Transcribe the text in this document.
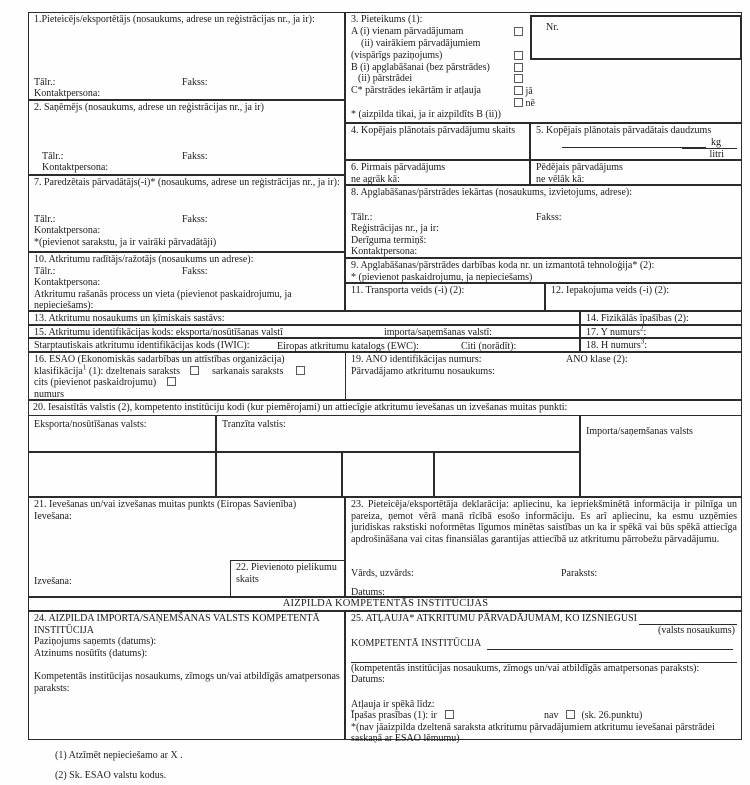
1.Pieteicējs/eksportētājs (nosaukums, adrese un reģistrācijas nr., ja ir):
Tālr.:	Fakss:
Kontaktpersona:
2. Saņēmējs (nosaukums, adrese un reģistrācijas nr., ja ir)
Tālr.:	Fakss:
Kontaktpersona:
7. Paredzētais pārvadātājs(-i)* (nosaukums, adrese un reģistrācijas nr., ja ir):
Tālr.:	Fakss:
Kontaktpersona:
*(pievienot sarakstu, ja ir vairāki pārvadātāji)
10. Atkritumu radītājs/ražotājs (nosaukums un adrese):
Tālr.:	Fakss:
Kontaktpersona:
Atkritumu rašanās process un vieta (pievienot paskaidrojumu, ja nepieciešams):
3. Pieteikums (1):
A (i) vienam pārvadājumam
(ii) vairākiem pārvadājumiem
(vispārīgs paziņojums)
B (i) apglabāšanai (bez pārstrādes)
(ii) pārstrādei
C* pārstrādes iekārtām ir atļauja	jā
nē
* (aizpilda tikai, ja ir aizpildīts B (ii))
Nr.
4. Kopējais plānotais pārvadājumu skaits	5. Kopējais plānotais pārvadātais daudzums
kg
litri
6. Pirmais pārvadājums
ne agrāk kā:
Pēdējais pārvadājums
ne vēlāk kā:
8. Apglabāšanas/pārstrādes iekārtas (nosaukums, izvietojums, adrese):
Tālr.:	Fakss:
Reģistrācijas nr., ja ir:
Derīguma termiņš:
Kontaktpersona:
9. Apglabāšanas/pārstrādes darbības koda nr. un izmantotā tehnoloģija* (2):
* (pievienot paskaidrojumu, ja nepieciešams)
11. Transporta veids (-i) (2):	12. Iepakojuma veids (-i) (2):
13. Atkritumu nosaukums un ķīmiskais sastāvs:	14. Fizikālās īpašības (2):
15. Atkritumu identifikācijas kods: eksporta/nosūtīšanas valstī	importa/saņemšanas valstī:	17. Y numurs$^2$:
Starptautiskais atkritumu identifikācijas kods (IWIC):	Eiropas atkritumu katalogs (EWC):	Citi (norādīt):	18. H numurs$^3$:
16. ESAO (Ekonomiskās sadarbības un attīstības organizācija)
klasifikācija$^1$ (1): dzeltenais saraksts	sarkanais saraksts
cits (pievienot paskaidrojumu)
numurs
19. ANO identifikācijas numurs:	ANO klase (2):
Pārvadājamo atkritumu nosaukums:
20. Iesaistītās valstis (2), kompetento institūciju kodi (kur piemērojami) un attiecīgie atkritumu ievešanas un izvešanas muitas punkti:
Eksporta/nosūtīšanas valsts:	Tranzīta valstis:
Importa/saņemšanas valsts
21. Ievešanas un/vai izvešanas muitas punkts (Eiropas Savienība)
Ievešana:
Izvešana:
22. Pievienoto pielikumu skaits
23. Pieteicēja/eksportētāja deklarācija: apliecinu, ka iepriekšminētā informācija ir pilnīga un pareiza, ņemot vērā manā rīcībā esošo informāciju. Es arī apliecinu, ka esmu uzņēmies juridiskas rakstiski noformētas līgumos minētas saistības un ka ir spēkā vai būs spēkā attiecīga apdrošināšana vai citas finansiālas garantijas attiecībā uz atkritumu pārrobežu pārvadājumu.
Vārds, uzvārds:	Paraksts:
Datums:
AIZPILDA KOMPETENTĀS INSTITŪCIJAS
24. AIZPILDA IMPORTA/SAŅEMŠANAS VALSTS KOMPETENTĀ INSTITŪCIJA
Paziņojums saņemts (datums):
Atzinums nosūtīts (datums):
Kompetentās institūcijas nosaukums, zīmogs un/vai atbildīgās amatpersonas paraksts:
25. ATĻAUJA* ATKRITUMU PĀRVADĀJUMAM, KO IZSNIEGUSI
(valsts nosaukums)
KOMPETENTĀ INSTITŪCIJA
(kompetentās institūcijas nosaukums, zīmogs un/vai atbildīgās amatpersonas paraksts):
Datums:
Atļauja ir spēkā līdz:
Īpašas prasības (1): ir	nav (sk. 26.punktu)
*(nav jāaizpilda dzeltenā saraksta atkritumu pārvadājumiem atkritumu ievešanai pārstrādei saskaņā ar ESAO lēmumu)
(1) Atzīmēt nepieciešamo ar X .
(2) Sk. ESAO valstu kodus.
